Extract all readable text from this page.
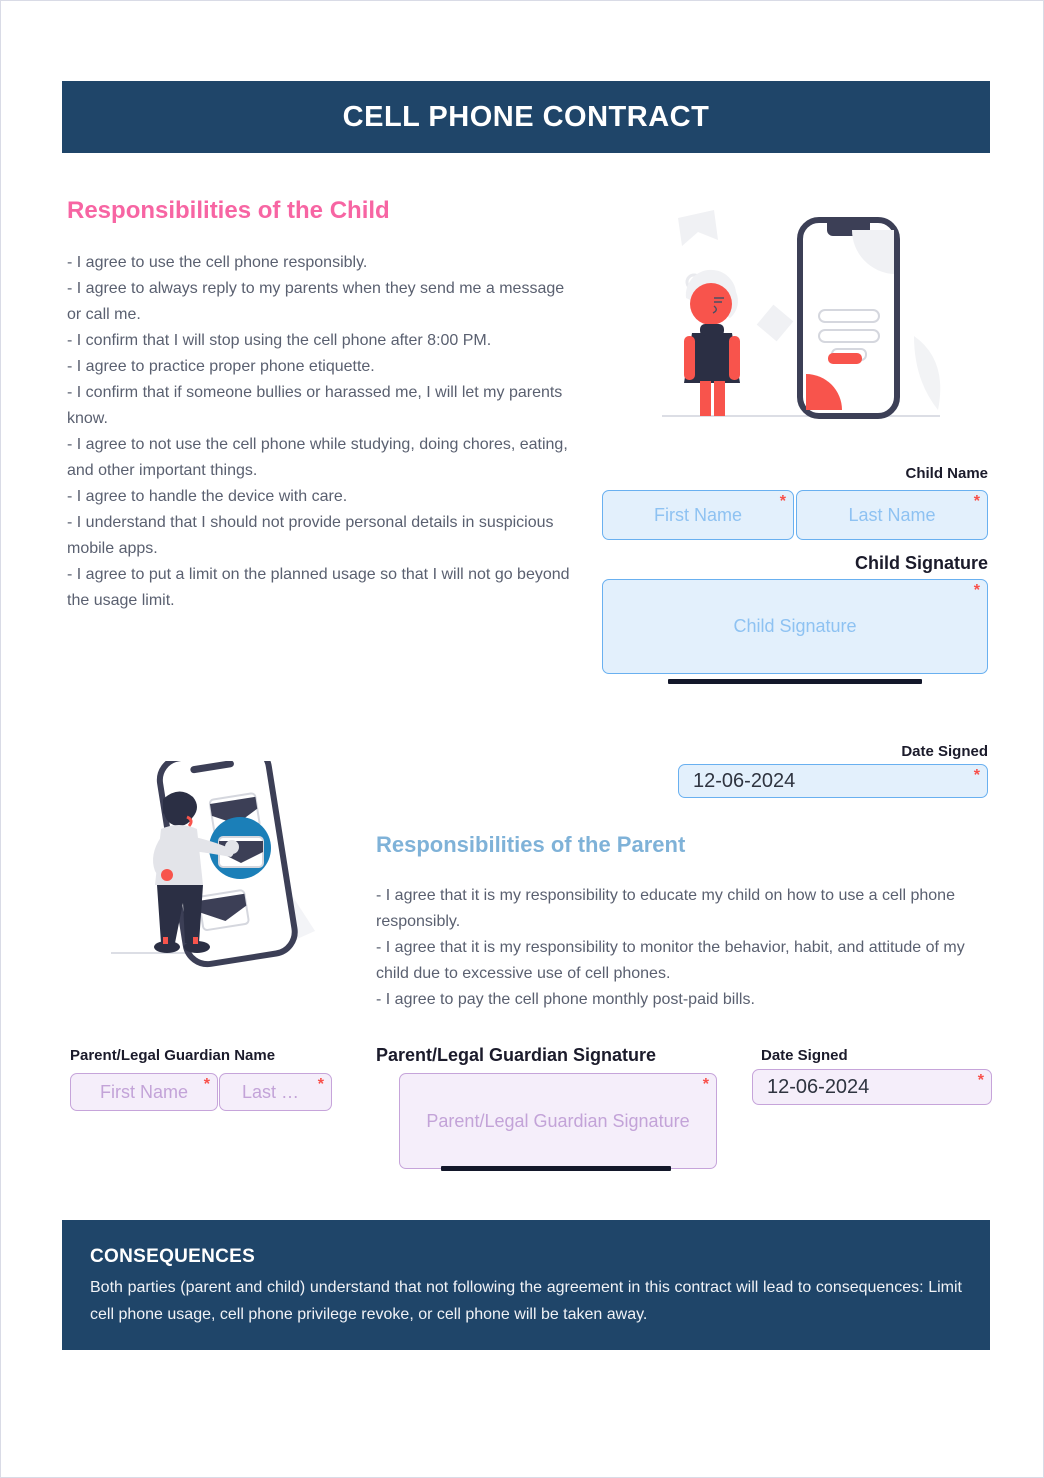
CELL PHONE CONTRACT
Responsibilities of the Child
- I agree to use the cell phone responsibly.
- I agree to always reply to my parents when they send me a message or call me.
- I confirm that I will stop using the cell phone after 8:00 PM.
- I agree to practice proper phone etiquette.
- I confirm that if someone bullies or harassed me, I will let my parents know.
- I agree to not use the cell phone while studying, doing chores, eating, and other important things.
- I agree to handle the device with care.
- I understand that I should not provide personal details in suspicious mobile apps.
- I agree to put a limit on the planned usage so that I will not go beyond the usage limit.
Child Name
First Name
*
Last Name
*
Child Signature
Child Signature
*
Date Signed
12-06-2024	*
Responsibilities of the Parent
- I agree that it is my responsibility to educate my child on how to use a cell phone responsibly.
- I agree that it is my responsibility to monitor the behavior, habit, and attitude of my child due to excessive use of cell phones.
- I agree to pay the cell phone monthly post-paid bills.
Parent/Legal Guardian Name
First Name *	Last N...	*
Parent/Legal Guardian Signature
Parent/Legal Guardian Signature
*
Date Signed
12-06-2024	*
CONSEQUENCES
Both parties (parent and child) understand that not following the agreement in this contract will lead to consequences: Limit cell phone usage, cell phone privilege revoke, or cell phone will be taken away.
